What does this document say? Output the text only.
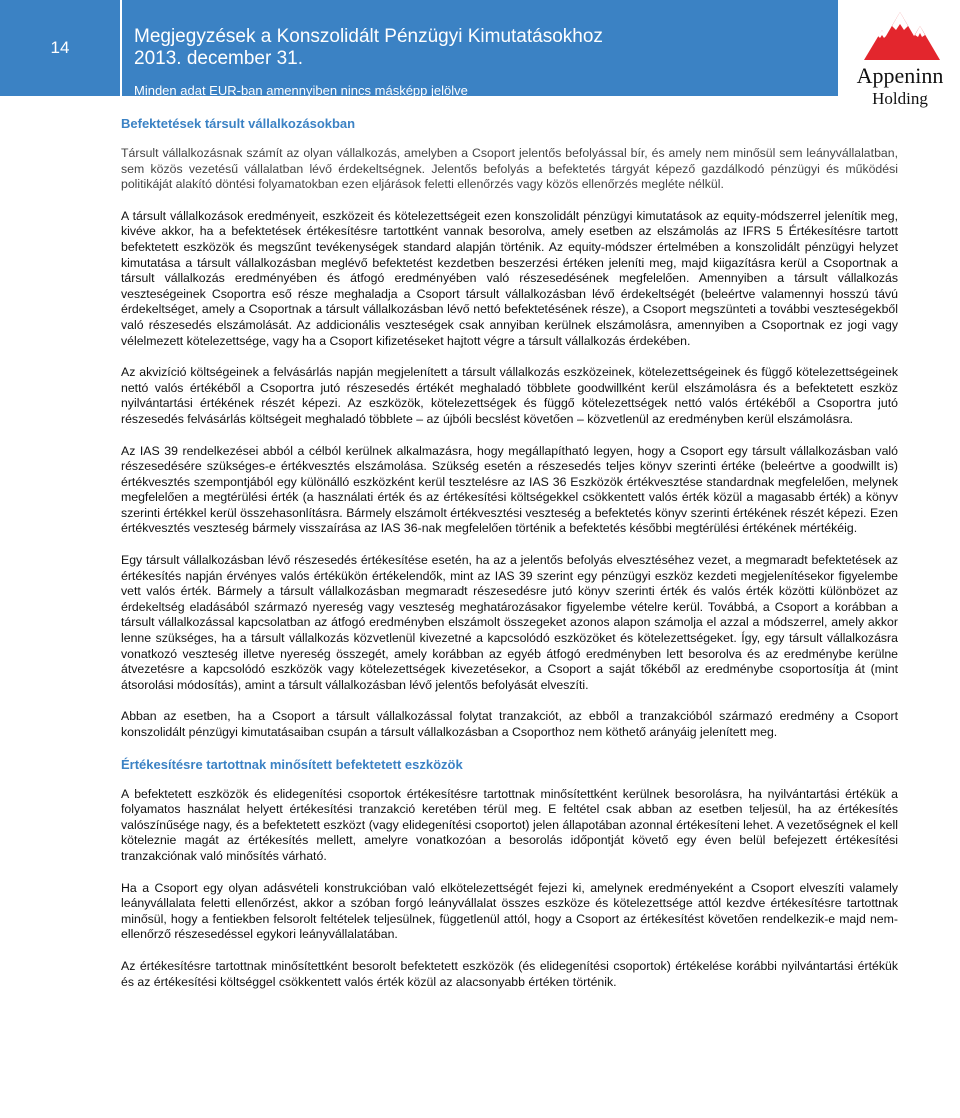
14
Megjegyzések a Konszolidált Pénzügyi Kimutatásokhoz
2013. december 31.
Minden adat EUR-ban amennyiben nincs másképp jelölve
Appeninn
Holding
Befektetések társult vállalkozásokban

Társult vállalkozásnak számít az olyan vállalkozás, amelyben a Csoport jelentős befolyással bír, és amely nem minősül sem leányvállalatban, sem közös vezetésű vállalatban lévő érdekeltségnek. Jelentős befolyás a befektetés tárgyát képező gazdálkodó pénzügyi és működési politikáját alakító döntési folyamatokban ezen eljárások feletti ellenőrzés vagy közös ellenőrzés megléte nélkül.

A társult vállalkozások eredményeit, eszközeit és kötelezettségeit ezen konszolidált pénzügyi kimutatások az equity-módszerrel jelenítik meg, kivéve akkor, ha a befektetések értékesítésre tartottként vannak besorolva, amely esetben az elszámolás az IFRS 5 Értékesítésre tartott befektetett eszközök és megszűnt tevékenységek standard alapján történik. Az equity-módszer értelmében a konszolidált pénzügyi helyzet kimutatása a társult vállalkozásban meglévő befektetést kezdetben beszerzési értéken jeleníti meg, majd kiigazításra kerül a Csoportnak a társult vállalkozás eredményében és átfogó eredményében való részesedésének megfelelően. Amennyiben a társult vállalkozás veszteségeinek Csoportra eső része meghaladja a Csoport társult vállalkozásban lévő érdekeltségét (beleértve valamennyi hosszú távú érdekeltséget, amely a Csoportnak a társult vállalkozásban lévő nettó befektetésének része), a Csoport megszünteti a további veszteségekből való részesedés elszámolását. Az addicionális veszteségek csak annyiban kerülnek elszámolásra, amennyiben a Csoportnak ez jogi vagy vélelmezett kötelezettsége, vagy ha a Csoport kifizetéseket hajtott végre a társult vállalkozás érdekében.

Az akvizíció költségeinek a felvásárlás napján megjelenített a társult vállalkozás eszközeinek, kötelezettségeinek és függő kötelezettségeinek nettó valós értékéből a Csoportra jutó részesedés értékét meghaladó többlete goodwillként kerül elszámolásra és a befektetett eszköz nyilvántartási értékének részét képezi. Az eszközök, kötelezettségek és függő kötelezettségek nettó valós értékéből a Csoportra jutó részesedés felvásárlás költségeit meghaladó többlete – az újbóli becslést követően – közvetlenül az eredményben kerül elszámolásra.

Az IAS 39 rendelkezései abból a célból kerülnek alkalmazásra, hogy megállapítható legyen, hogy a Csoport egy társult vállalkozásban való részesedésére szükséges-e értékvesztés elszámolása. Szükség esetén a részesedés teljes könyv szerinti értéke (beleértve a goodwillt is) értékvesztés szempontjából egy különálló eszközként kerül tesztelésre az IAS 36 Eszközök értékvesztése standardnak megfelelően, melynek megfelelően a megtérülési érték (a használati érték és az értékesítési költségekkel csökkentett valós érték közül a magasabb érték) a könyv szerinti értékkel kerül összehasonlításra. Bármely elszámolt értékvesztési veszteség a befektetés könyv szerinti értékének részét képezi. Ezen értékvesztés veszteség bármely visszaírása az IAS 36-nak megfelelően történik a befektetés későbbi megtérülési értékének mértékéig.

Egy társult vállalkozásban lévő részesedés értékesítése esetén, ha az a jelentős befolyás elvesztéséhez vezet, a megmaradt befektetések az értékesítés napján érvényes valós értékükön értékelendők, mint az IAS 39 szerint egy pénzügyi eszköz kezdeti megjelenítésekor figyelembe vett valós érték. Bármely a társult vállalkozásban megmaradt részesedésre jutó könyv szerinti érték és valós érték közötti különbözet az érdekeltség eladásából származó nyereség vagy veszteség meghatározásakor figyelembe vételre kerül. Továbbá, a Csoport a korábban a társult vállalkozással kapcsolatban az átfogó eredményben elszámolt összegeket azonos alapon számolja el azzal a módszerrel, amely akkor lenne szükséges, ha a társult vállalkozás közvetlenül kivezetné a kapcsolódó eszközöket és kötelezettségeket. Így, egy társult vállalkozásra vonatkozó veszteség illetve nyereség összegét, amely korábban az egyéb átfogó eredményben lett besorolva és az eredménybe kerülne átvezetésre a kapcsolódó eszközök vagy kötelezettségek kivezetésekor, a Csoport a saját tőkéből az eredménybe csoportosítja át (mint átsorolási módosítás), amint a társult vállalkozásban lévő jelentős befolyását elveszíti.

Abban az esetben, ha a Csoport a társult vállalkozással folytat tranzakciót, az ebből a tranzakcióból származó eredmény a Csoport konszolidált pénzügyi kimutatásaiban csupán a társult vállalkozásban a Csoporthoz nem köthető arányáig jelenített meg.

Értékesítésre tartottnak minősített befektetett eszközök

A befektetett eszközök és elidegenítési csoportok értékesítésre tartottnak minősítettként kerülnek besorolásra, ha nyilvántartási értékük a folyamatos használat helyett értékesítési tranzakció keretében térül meg. E feltétel csak abban az esetben teljesül, ha az értékesítés valószínűsége nagy, és a befektetett eszközt (vagy elidegenítési csoportot) jelen állapotában azonnal értékesíteni lehet. A vezetőségnek el kell köteleznie magát az értékesítés mellett, amelyre vonatkozóan a besorolás időpontját követő egy éven belül befejezett értékesítési tranzakciónak való minősítés várható.

Ha a Csoport egy olyan adásvételi konstrukcióban való elkötelezettségét fejezi ki, amelynek eredményeként a Csoport elveszíti valamely leányvállalata feletti ellenőrzést, akkor a szóban forgó leányvállalat összes eszköze és kötelezettsége attól kezdve értékesítésre tartottnak minősül, hogy a fentiekben felsorolt feltételek teljesülnek, függetlenül attól, hogy a Csoport az értékesítést követően rendelkezik-e majd nem-ellenőrző részesedéssel egykori leányvállalatában.

Az értékesítésre tartottnak minősítettként besorolt befektetett eszközök (és elidegenítési csoportok) értékelése korábbi nyilvántartási értékük és az értékesítési költséggel csökkentett valós érték közül az alacsonyabb értéken történik.
